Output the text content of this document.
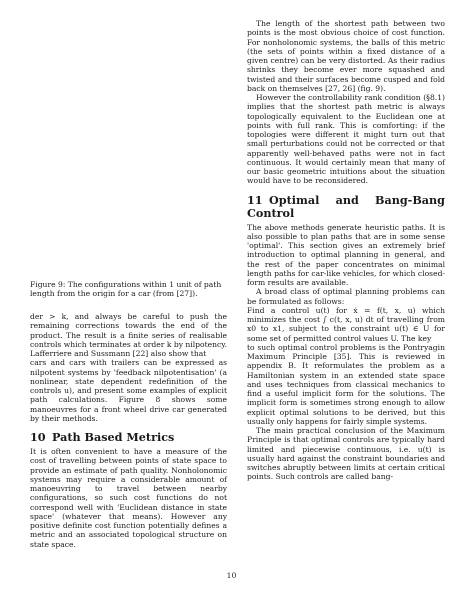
Figure 9: The configurations within 1 unit of path length from the origin for a car (from [27]).

der > k, and always be careful to push the remaining corrections towards the end of the product. The result is a finite series of realisable controls which terminates at order k by nilpotency. Lafferriere and Sussmann [22] also show that

cars and cars with trailers can be expressed as nilpotent systems by 'feedback nilpotentisation' (a nonlinear, state dependent redefinition of the controls u), and present some examples of explicit path calculations. Figure 8 shows some manoeuvres for a front wheel drive car generated by their methods.

10 Path Based Metrics

It is often convenient to have a measure of the cost of travelling between points of state space to provide an estimate of path quality. Nonholonomic systems may require a considerable amount of manoeuvring to travel between nearby configurations, so such cost functions do not correspond well with 'Euclidean distance in state space' (whatever that means). However any positive definite cost function potentially defines a metric and an associated topological structure on state space.

The length of the shortest path between two points is the most obvious choice of cost function. For nonholonomic systems, the balls of this metric (the sets of points within a fixed distance of a given centre) can be very distorted. As their radius shrinks they become ever more squashed and twisted and their surfaces become cusped and fold back on themselves [27, 26] (fig. 9).

However the controllability rank condition (§8.1) implies that the shortest path metric is always topologically equivalent to the Euclidean one at points with full rank. This is comforting: if the topologies were different it might turn out that small perturbations could not be corrected or that apparently well-behaved paths were not in fact continuous. It would certainly mean that many of our basic geometric intuitions about the situation would have to be reconsidered.

11 Optimal and Bang-Bang Control

The above methods generate heuristic paths. It is also possible to plan paths that are in some sense 'optimal'. This section gives an extremely brief introduction to optimal planning in general, and the rest of the paper concentrates on minimal length paths for car-like vehicles, for which closed-form results are available.

A broad class of optimal planning problems can be formulated as follows:

Find a control u(t) for ẋ = f(t, x, u) which minimizes the cost ∫ c(t, x, u) dt of travelling from x0 to x1, subject to the constraint u(t) ∈ U for some set of permitted control values U. The key

to such optimal control problems is the Pontryagin Maximum Principle [35]. This is reviewed in appendix B. It reformulates the problem as a Hamiltonian system in an extended state space and uses techniques from classical mechanics to find a useful implicit form for the solutions. The implicit form is sometimes strong enough to allow explicit optimal solutions to be derived, but this usually only happens for fairly simple systems.

The main practical conclusion of the Maximum Principle is that optimal controls are typically hard limited and piecewise continuous, i.e. u(t) is usually hard against the constraint boundaries and switches abruptly between limits at certain critical points. Such controls are called bang-

10
